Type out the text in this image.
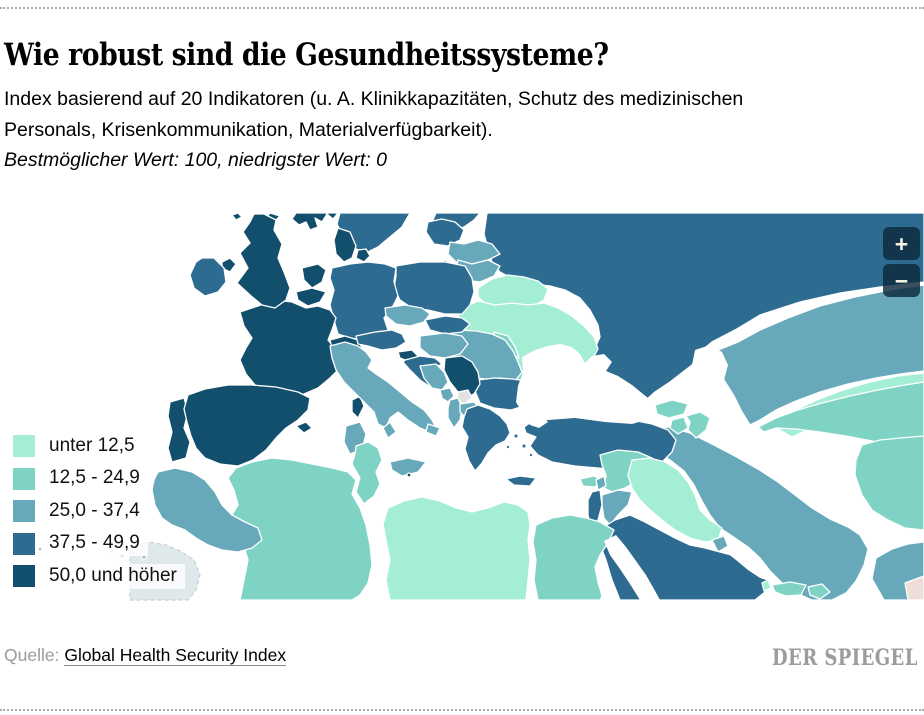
Wie robust sind die Gesundheitssysteme?
Index basierend auf 20 Indikatoren (u. A. Klinikkapazitäten, Schutz des medizinischen
Personals, Krisenkommunikation, Materialverfügbarkeit).
Bestmöglicher Wert: 100, niedrigster Wert: 0
+
−
unter 12,5
12,5 - 24,9
25,0 - 37,4
37,5 - 49,9
50,0 und höher
Quelle: Global Health Security Index	DER SPIEGEL
